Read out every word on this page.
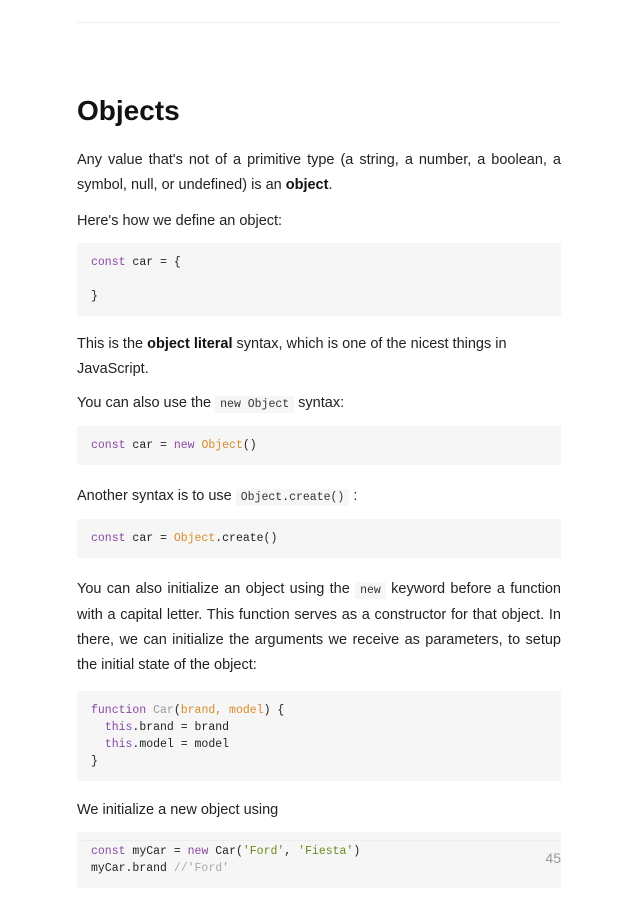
Objects

Any value that's not of a primitive type (a string, a number, a boolean, a symbol, null, or undefined) is an object.

Here's how we define an object:

const car = {

}

This is the object literal syntax, which is one of the nicest things in JavaScript.

You can also use the new Object syntax:

const car = new Object()

Another syntax is to use Object.create() :

const car = Object.create()

You can also initialize an object using the new keyword before a function with a capital letter. This function serves as a constructor for that object. In there, we can initialize the arguments we receive as parameters, to setup the initial state of the object:

function Car(brand, model) {
this.brand = brand
this.model = model
}

We initialize a new object using

const myCar = new Car('Ford', 'Fiesta')
myCar.brand //'Ford'
45
